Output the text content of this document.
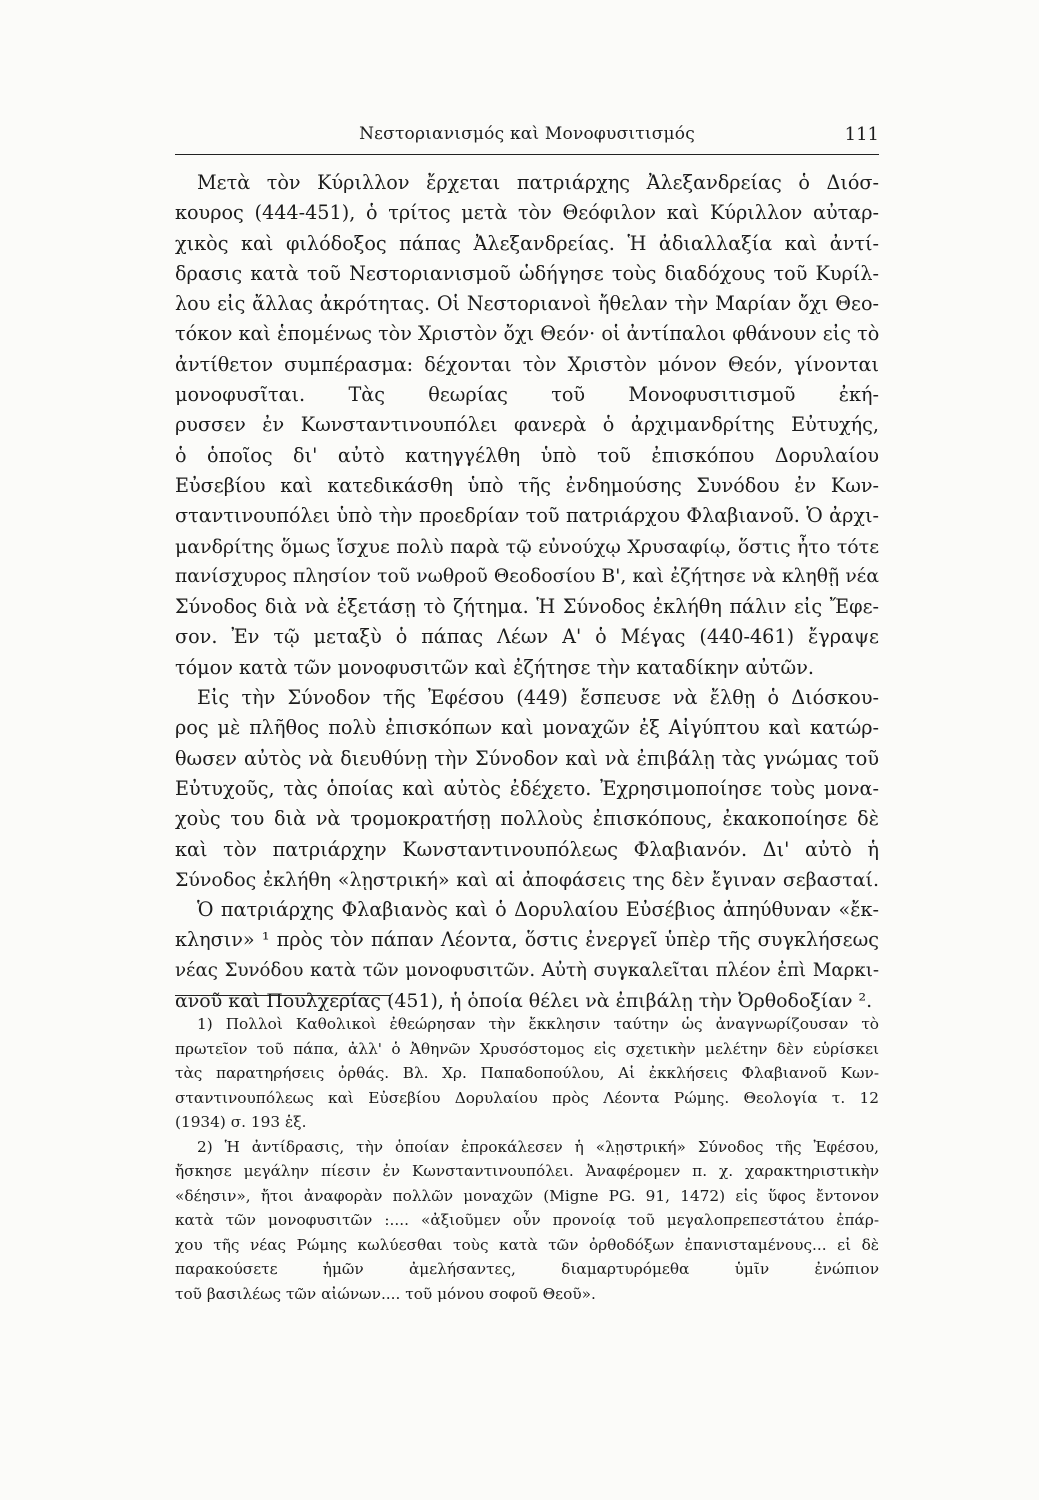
Νεστοριανισμός καὶ Μονοφυσιτισμός	111
Μετὰ τὸν Κύριλλον ἔρχεται πατριάρχης Ἀλεξανδρείας ὁ Διόσ-
κουρος (444-451), ὁ τρίτος μετὰ τὸν Θεόφιλον καὶ Κύριλλον αὐταρ-
χικὸς καὶ φιλόδοξος πάπας Ἀλεξανδρείας. Ἡ ἀδιαλλαξία καὶ ἀντί-
δρασις κατὰ τοῦ Νεστοριανισμοῦ ὡδήγησε τοὺς διαδόχους τοῦ Κυρίλ-
λου εἰς ἄλλας ἀκρότητας. Οἱ Νεστοριανοὶ ἤθελαν τὴν Μαρίαν ὄχι Θεο-
τόκον καὶ ἑπομένως τὸν Χριστὸν ὄχι Θεόν· οἱ ἀντίπαλοι φθάνουν εἰς τὸ
ἀντίθετον συμπέρασμα: δέχονται τὸν Χριστὸν μόνον Θεόν, γίνονται
μονοφυσῖται. Τὰς θεωρίας τοῦ Μονοφυσιτισμοῦ ἐκή-
ρυσσεν ἐν Κωνσταντινουπόλει φανερὰ ὁ ἀρχιμανδρίτης Εὐτυχής,
ὁ ὁποῖος δι' αὐτὸ κατηγγέλθη ὑπὸ τοῦ ἐπισκόπου Δορυλαίου
Εὐσεβίου καὶ κατεδικάσθη ὑπὸ τῆς ἐνδημούσης Συνόδου ἐν Κων-
σταντινουπόλει ὑπὸ τὴν προεδρίαν τοῦ πατριάρχου Φλαβιανοῦ. Ὁ ἀρχι-
μανδρίτης ὅμως ἴσχυε πολὺ παρὰ τῷ εὐνούχῳ Χρυσαφίῳ, ὅστις ἦτο τότε
πανίσχυρος πλησίον τοῦ νωθροῦ Θεοδοσίου Β', καὶ ἐζήτησε νὰ κληθῇ νέα
Σύνοδος διὰ νὰ ἐξετάσῃ τὸ ζήτημα. Ἡ Σύνοδος ἐκλήθη πάλιν εἰς Ἔφε-
σον. Ἐν τῷ μεταξὺ ὁ πάπας Λέων Α' ὁ Μέγας (440-461) ἔγραψε
τόμον κατὰ τῶν μονοφυσιτῶν καὶ ἐζήτησε τὴν καταδίκην αὐτῶν.
Εἰς τὴν Σύνοδον τῆς Ἐφέσου (449) ἔσπευσε νὰ ἔλθῃ ὁ Διόσκου-
ρος μὲ πλῆθος πολὺ ἐπισκόπων καὶ μοναχῶν ἐξ Αἰγύπτου καὶ κατώρ-
θωσεν αὐτὸς νὰ διευθύνῃ τὴν Σύνοδον καὶ νὰ ἐπιβάλῃ τὰς γνώμας τοῦ
Εὐτυχοῦς, τὰς ὁποίας καὶ αὐτὸς ἐδέχετο. Ἐχρησιμοποίησε τοὺς μονα-
χοὺς του διὰ νὰ τρομοκρατήσῃ πολλοὺς ἐπισκόπους, ἐκακοποίησε δὲ
καὶ τὸν πατριάρχην Κωνσταντινουπόλεως Φλαβιανόν. Δι' αὐτὸ ἡ
Σύνοδος ἐκλήθη «λῃστρική» καὶ αἱ ἀποφάσεις της δὲν ἔγιναν σεβασταί.
Ὁ πατριάρχης Φλαβιανὸς καὶ ὁ Δορυλαίου Εὐσέβιος ἀπηύθυναν «ἔκ-
κλησιν» ¹ πρὸς τὸν πάπαν Λέοντα, ὅστις ἐνεργεῖ ὑπὲρ τῆς συγκλήσεως
νέας Συνόδου κατὰ τῶν μονοφυσιτῶν. Αὐτὴ συγκαλεῖται πλέον ἐπὶ Μαρκι-
ανοῦ καὶ Πουλχερίας (451), ἡ ὁποία θέλει νὰ ἐπιβάλῃ τὴν Ὀρθοδοξίαν ².
1) Πολλοὶ Καθολικοὶ ἐθεώρησαν τὴν ἔκκλησιν ταύτην ὡς ἀναγνωρίζουσαν τὸ
πρωτεῖον τοῦ πάπα, ἀλλ' ὁ Ἀθηνῶν Χρυσόστομος εἰς σχετικὴν μελέτην δὲν εὑρίσκει
τὰς παρατηρήσεις ὀρθάς. Βλ. Χρ. Παπαδοπούλου, Αἱ ἐκκλήσεις Φλαβιανοῦ Κων-
σταντινουπόλεως καὶ Εὐσεβίου Δορυλαίου πρὸς Λέοντα Ρώμης. Θεολογία τ. 12
(1934) σ. 193 ἑξ.
2) Ἡ ἀντίδρασις, τὴν ὁποίαν ἐπροκάλεσεν ἡ «λῃστρική» Σύνοδος τῆς Ἐφέσου,
ἤσκησε μεγάλην πίεσιν ἐν Κωνσταντινουπόλει. Ἀναφέρομεν π. χ. χαρακτηριστικὴν
«δέησιν», ἤτοι ἀναφορὰν πολλῶν μοναχῶν (Migne PG. 91, 1472) εἰς ὕφος ἔντονον
κατὰ τῶν μονοφυσιτῶν :.... «ἀξιοῦμεν οὖν προνοίᾳ τοῦ μεγαλοπρεπεστάτου ἐπάρ-
χου τῆς νέας Ρώμης κωλύεσθαι τοὺς κατὰ τῶν ὀρθοδόξων ἐπανισταμένους... εἰ δὲ
παρακούσετε ἡμῶν ἀμελήσαντες, διαμαρτυρόμεθα ὑμῖν ἐνώπιον
τοῦ βασιλέως τῶν αἰώνων.... τοῦ μόνου σοφοῦ Θεοῦ».
